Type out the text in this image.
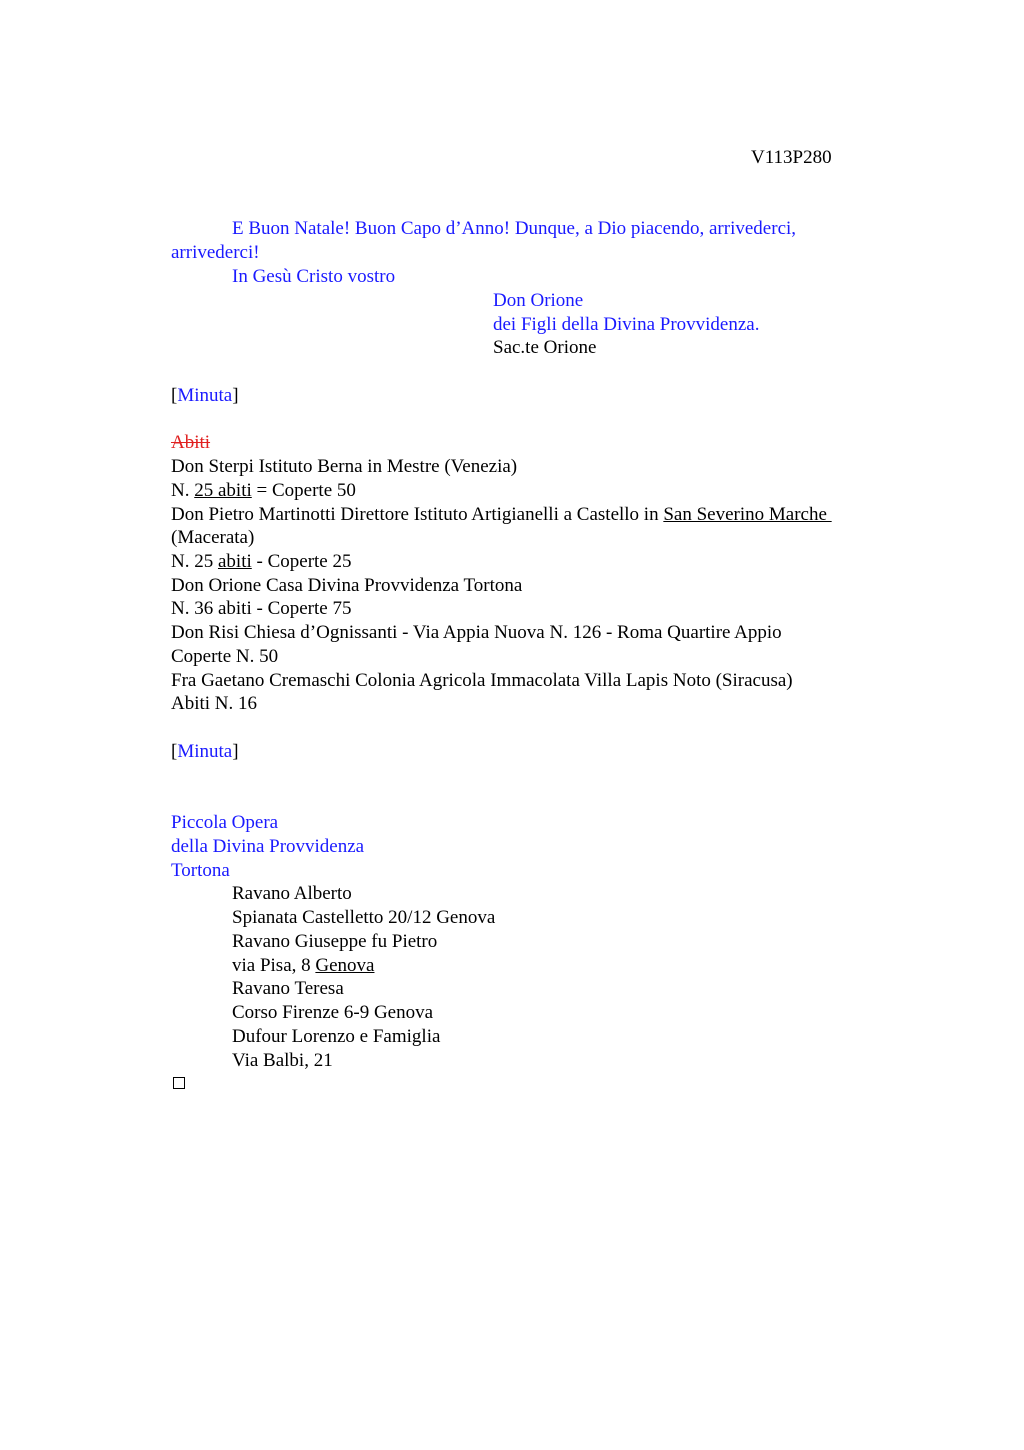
V113P280
E Buon Natale! Buon Capo d’Anno! Dunque, a Dio piacendo, arrivederci,
arrivederci!
In Gesù Cristo vostro
Don Orione
dei Figli della Divina Provvidenza.
Sac.te Orione
[Minuta]
Abiti
Don Sterpi Istituto Berna in Mestre (Venezia)
N. 25 abiti = Coperte 50
Don Pietro Martinotti Direttore Istituto Artigianelli a Castello in San Severino Marche
(Macerata)
N. 25 abiti - Coperte 25
Don Orione Casa Divina Provvidenza Tortona
N. 36 abiti - Coperte 75
Don Risi Chiesa d’Ognissanti - Via Appia Nuova N. 126 - Roma Quartire Appio
Coperte N. 50
Fra Gaetano Cremaschi Colonia Agricola Immacolata Villa Lapis Noto (Siracusa)
Abiti N. 16
[Minuta]
Piccola Opera
della Divina Provvidenza
Tortona
Ravano Alberto
Spianata Castelletto 20/12 Genova
Ravano Giuseppe fu Pietro
via Pisa, 8 Genova
Ravano Teresa
Corso Firenze 6-9 Genova
Dufour Lorenzo e Famiglia
Via Balbi, 21
